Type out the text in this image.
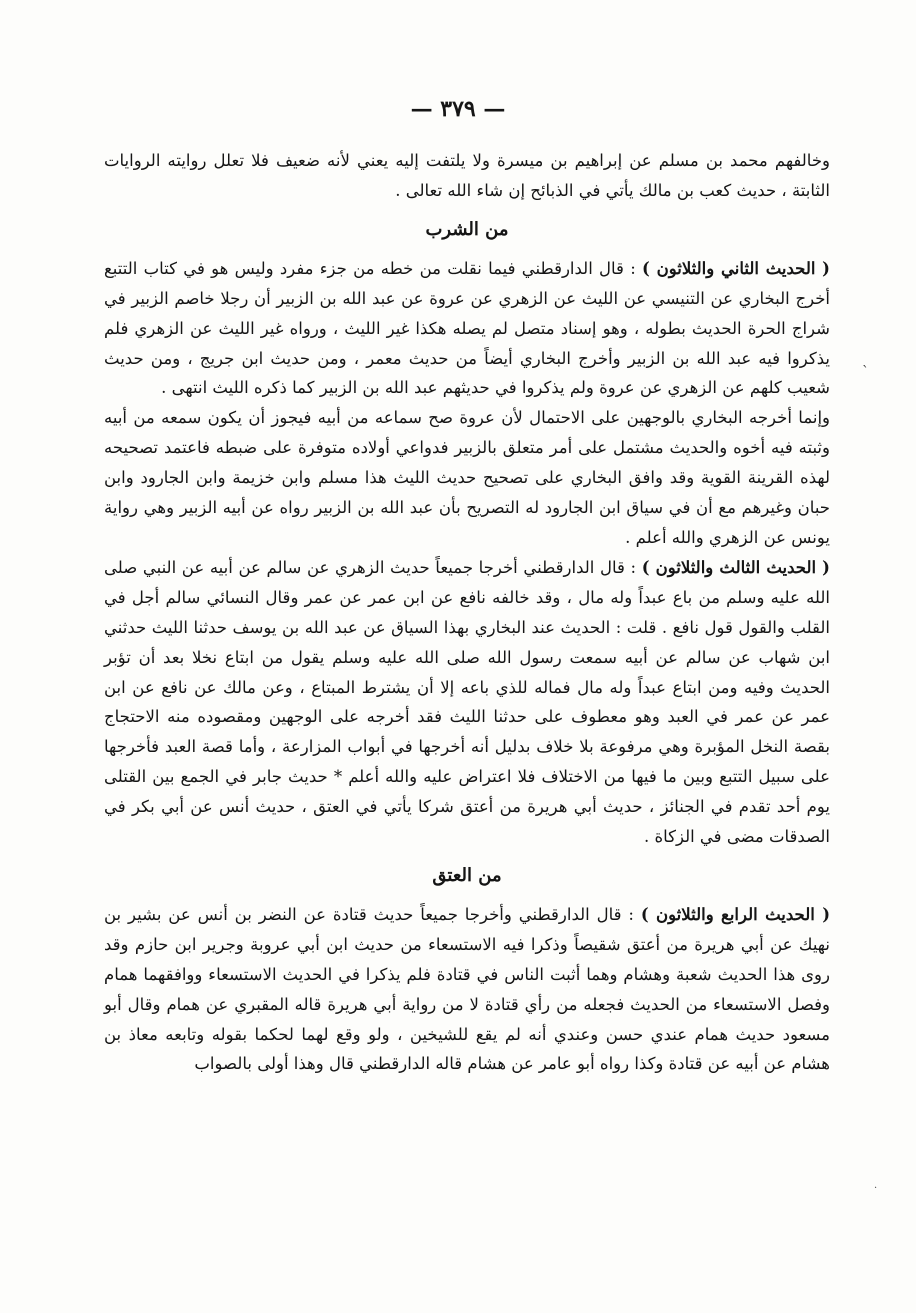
— ٣٧٩ —

وخالفهم محمد بن مسلم عن إبراهيم بن ميسرة ولا يلتفت إليه يعني لأنه ضعيف فلا تعلل روايته الروايات الثابتة ، حديث كعب بن مالك يأتي في الذبائح إن شاء الله تعالى .

من الشرب

( الحديث الثاني والثلاثون ) : قال الدارقطني فيما نقلت من خطه من جزء مفرد وليس هو في كتاب التتبع أخرج البخاري عن التنيسي عن الليث عن الزهري عن عروة عن عبد الله بن الزبير أن رجلا خاصم الزبير في شراج الحرة الحديث بطوله ، وهو إسناد متصل لم يصله هكذا غير الليث ، ورواه غير الليث عن الزهري فلم يذكروا فيه عبد الله بن الزبير وأخرج البخاري أيضاً من حديث معمر ، ومن حديث ابن جريج ، ومن حديث شعيب كلهم عن الزهري عن عروة ولم يذكروا في حديثهم عبد الله بن الزبير كما ذكره الليث انتهى .

وإنما أخرجه البخاري بالوجهين على الاحتمال لأن عروة صح سماعه من أبيه فيجوز أن يكون سمعه من أبيه وثبته فيه أخوه والحديث مشتمل على أمر متعلق بالزبير فدواعي أولاده متوفرة على ضبطه فاعتمد تصحيحه لهذه القرينة القوية وقد وافق البخاري على تصحيح حديث الليث هذا مسلم وابن خزيمة وابن الجارود وابن حبان وغيرهم مع أن في سياق ابن الجارود له التصريح بأن عبد الله بن الزبير رواه عن أبيه الزبير وهي رواية يونس عن الزهري والله أعلم .

( الحديث الثالث والثلاثون ) : قال الدارقطني أخرجا جميعاً حديث الزهري عن سالم عن أبيه عن النبي صلى الله عليه وسلم من باع عبداً وله مال ، وقد خالفه نافع عن ابن عمر عن عمر وقال النسائي سالم أجل في القلب والقول قول نافع . قلت : الحديث عند البخاري بهذا السياق عن عبد الله بن يوسف حدثنا الليث حدثني ابن شهاب عن سالم عن أبيه سمعت رسول الله صلى الله عليه وسلم يقول من ابتاع نخلا بعد أن تؤبر الحديث وفيه ومن ابتاع عبداً وله مال فماله للذي باعه إلا أن يشترط المبتاع ، وعن مالك عن نافع عن ابن عمر عن عمر في العبد وهو معطوف على حدثنا الليث فقد أخرجه على الوجهين ومقصوده منه الاحتجاج بقصة النخل المؤبرة وهي مرفوعة بلا خلاف بدليل أنه أخرجها في أبواب المزارعة ، وأما قصة العبد فأخرجها على سبيل التتبع وبين ما فيها من الاختلاف فلا اعتراض عليه والله أعلم * حديث جابر في الجمع بين القتلى يوم أحد تقدم في الجنائز ، حديث أبي هريرة من أعتق شركا يأتي في العتق ، حديث أنس عن أبي بكر في الصدقات مضى في الزكاة .

من العتق

( الحديث الرابع والثلاثون ) : قال الدارقطني وأخرجا جميعاً حديث قتادة عن النضر بن أنس عن بشير بن نهيك عن أبي هريرة من أعتق شقيصاً وذكرا فيه الاستسعاء من حديث ابن أبي عروبة وجرير ابن حازم وقد روى هذا الحديث شعبة وهشام وهما أثبت الناس في قتادة فلم يذكرا في الحديث الاستسعاء ووافقهما همام وفصل الاستسعاء من الحديث فجعله من رأي قتادة لا من رواية أبي هريرة قاله المقبري عن همام وقال أبو مسعود حديث همام عندي حسن وعندي أنه لم يقع للشيخين ، ولو وقع لهما لحكما بقوله وتابعه معاذ بن هشام عن أبيه عن قتادة وكذا رواه أبو عامر عن هشام قاله الدارقطني قال وهذا أولى بالصواب

ˋ
·
